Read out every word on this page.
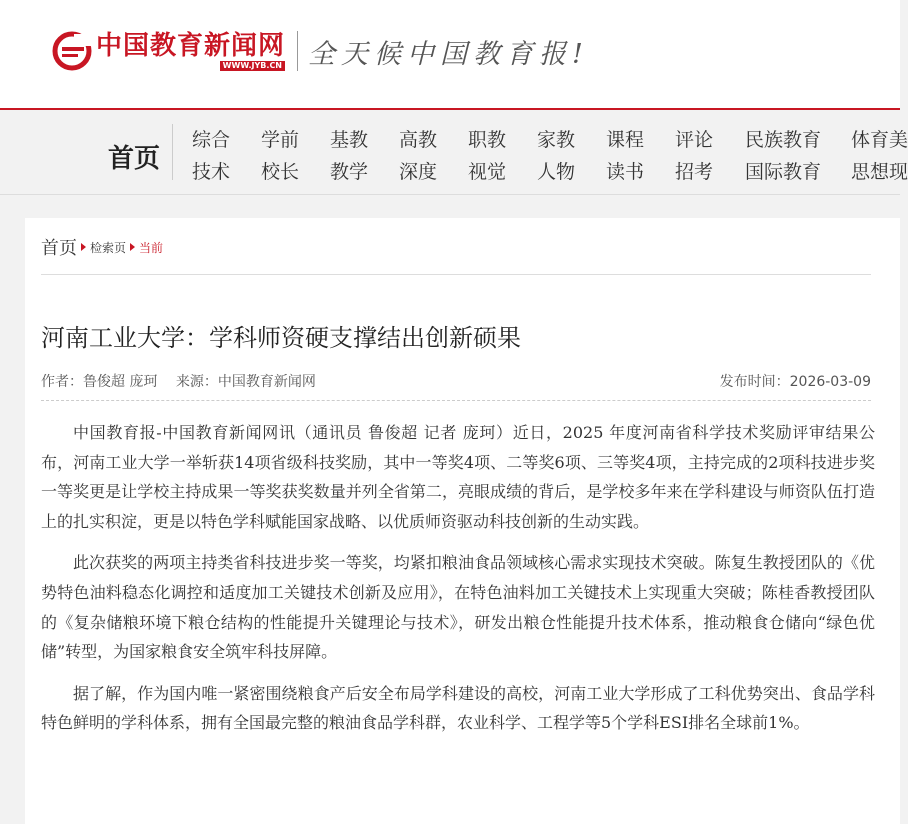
中国教育新闻网
WWW.JYB.CN 全天候中国教育报!
首页
综合	学前	基教	高教	职教	家教	课程	评论	民族教育	体育美
技术	校长	教学	深度	视觉	人物	读书	招考	国际教育	思想现
首页 检索页 当前
河南工业大学：学科师资硬支撑结出创新硕果
作者：鲁俊超 庞珂 来源：中国教育新闻网	发布时间：2026-03-09

中国教育报-中国教育新闻网讯（通讯员 鲁俊超 记者 庞珂）近日，2025 年度河南省科学技术奖励评审结果公布，河南工业大学一举斩获14项省级科技奖励，其中一等奖4项、二等奖6项、三等奖4项，主持完成的2项科技进步奖一等奖更是让学校主持成果一等奖获奖数量并列全省第二，亮眼成绩的背后，是学校多年来在学科建设与师资队伍打造上的扎实积淀，更是以特色学科赋能国家战略、以优质师资驱动科技创新的生动实践。

此次获奖的两项主持类省科技进步奖一等奖，均紧扣粮油食品领域核心需求实现技术突破。陈复生教授团队的《优势特色油料稳态化调控和适度加工关键技术创新及应用》，在特色油料加工关键技术上实现重大突破；陈桂香教授团队的《复杂储粮环境下粮仓结构的性能提升关键理论与技术》，研发出粮仓性能提升技术体系，推动粮食仓储向“绿色优储”转型，为国家粮食安全筑牢科技屏障。

据了解，作为国内唯一紧密围绕粮食产后安全布局学科建设的高校，河南工业大学形成了工科优势突出、食品学科特色鲜明的学科体系，拥有全国最完整的粮油食品学科群，农业科学、工程学等5个学科ESI排名全球前1%。
